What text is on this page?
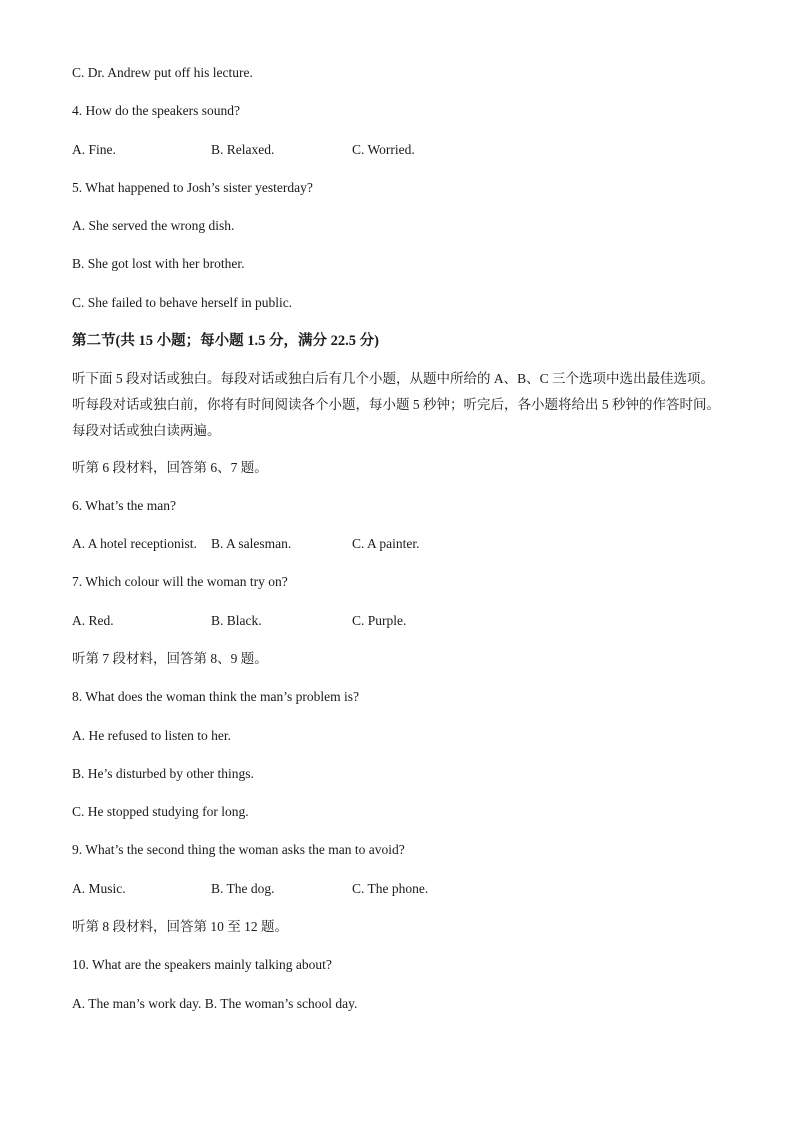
C. Dr. Andrew put off his lecture.
4. How do the speakers sound?
A. Fine.	B. Relaxed.	C. Worried.
5. What happened to Josh’s sister yesterday?
A. She served the wrong dish.
B. She got lost with her brother.
C. She failed to behave herself in public.
第二节(共 15 小题；每小题 1.5 分，满分 22.5 分)
听下面 5 段对话或独白。每段对话或独白后有几个小题，从题中所给的 A、B、C 三个选项中选出最佳选项。听每段对话或独白前，你将有时间阅读各个小题，每小题 5 秒钟；听完后，各小题将给出 5 秒钟的作答时间。每段对话或独白读两遍。
听第 6 段材料，回答第 6、7 题。
6. What’s the man?
A. A hotel receptionist. B. A salesman.	C. A painter.
7. Which colour will the woman try on?
A. Red.	B. Black.	C. Purple.
听第 7 段材料，回答第 8、9 题。
8. What does the woman think the man’s problem is?
A. He refused to listen to her.
B. He’s disturbed by other things.
C. He stopped studying for long.
9. What’s the second thing the woman asks the man to avoid?
A. Music.	B. The dog.	C. The phone.
听第 8 段材料，回答第 10 至 12 题。
10. What are the speakers mainly talking about?
A. The man’s work day. B. The woman’s school day.
